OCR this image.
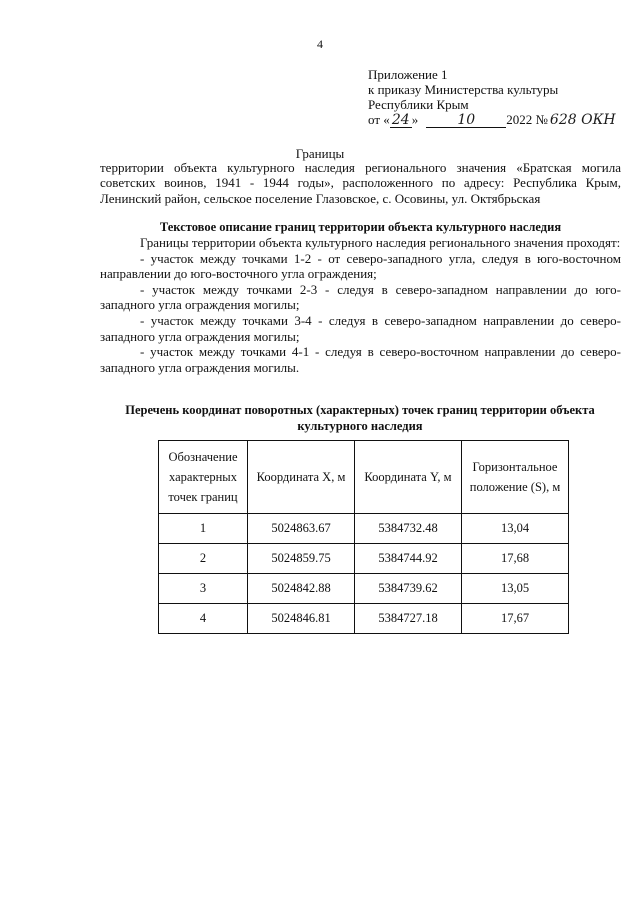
4
Приложение 1
к приказу Министерства культуры
Республики Крым
от « 24 »	10 2022 № 628 ОКН
Границы
территории объекта культурного наследия регионального значения «Братская могила советских воинов, 1941 - 1944 годы», расположенного по адресу: Республика Крым, Ленинский район, сельское поселение Глазовское, с. Осовины, ул. Октябрьская
Текстовое описание границ территории объекта культурного наследия
Границы территории объекта культурного наследия регионального значения проходят:
- участок между точками 1-2 - от северо-западного угла, следуя в юго-восточном направлении до юго-восточного угла ограждения;
- участок между точками 2-3 - следуя в северо-западном направлении до юго-западного угла ограждения могилы;
- участок между точками 3-4 - следуя в северо-западном направлении до северо-западного угла ограждения могилы;
- участок между точками 4-1 - следуя в северо-восточном направлении до северо-западного угла ограждения могилы.
Перечень координат поворотных (характерных) точек границ территории объекта культурного наследия
Обозначение характерных точек границ	Координата X, м	Координата Y, м	Горизонтальное положение (S), м
1	5024863.67	5384732.48	13,04
2	5024859.75	5384744.92	17,68
3	5024842.88	5384739.62	13,05
4	5024846.81	5384727.18	17,67
